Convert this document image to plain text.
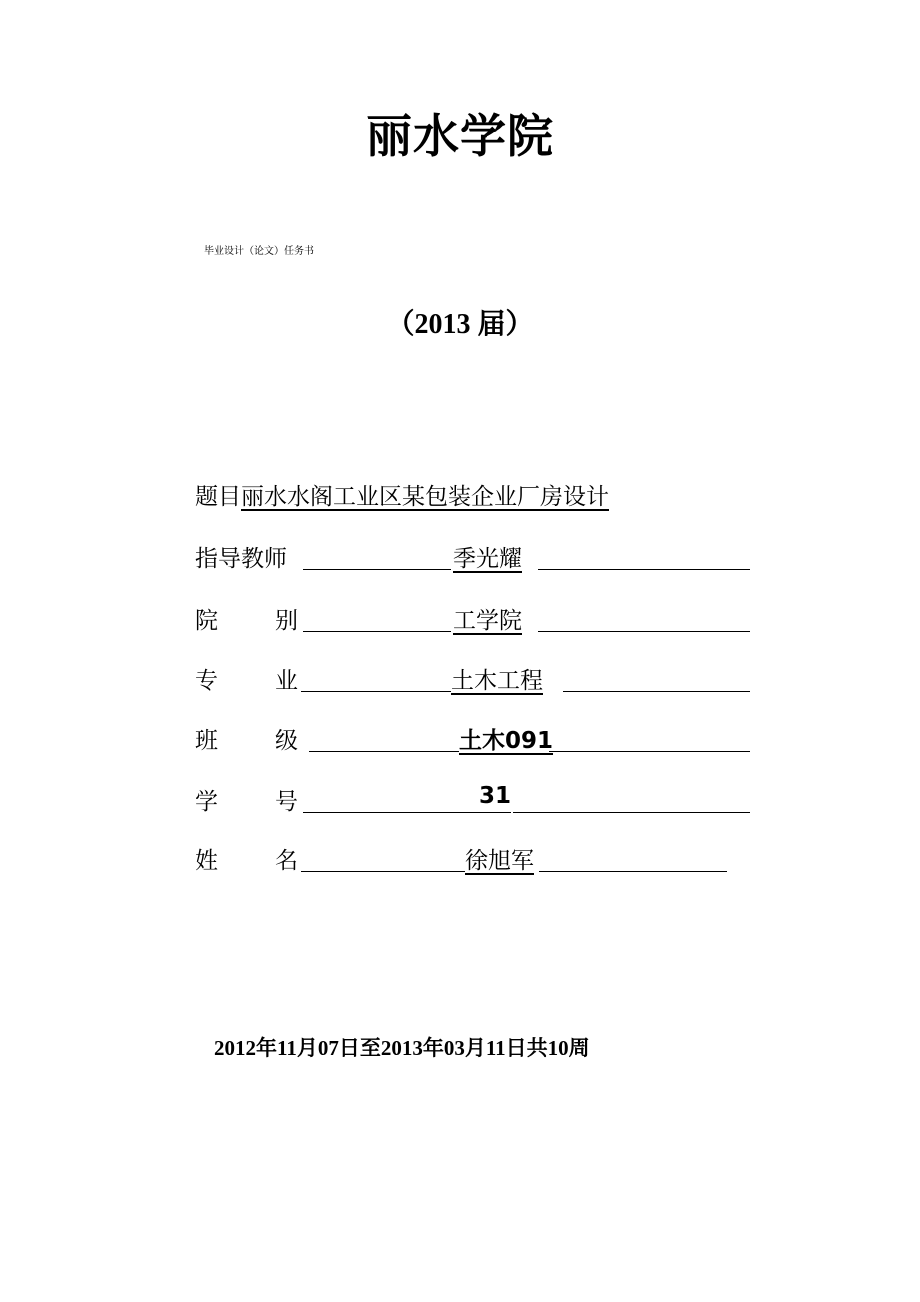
丽水学院
毕业设计（论文）任务书
（2013 届）
题目丽水水阁工业区某包装企业厂房设计
指导教师	季光耀
院 别	工学院
专 业	土木工程
班 级	土木091
学 号	31
姓 名	徐旭军
2012年11月07日至2013年03月11日共10周
